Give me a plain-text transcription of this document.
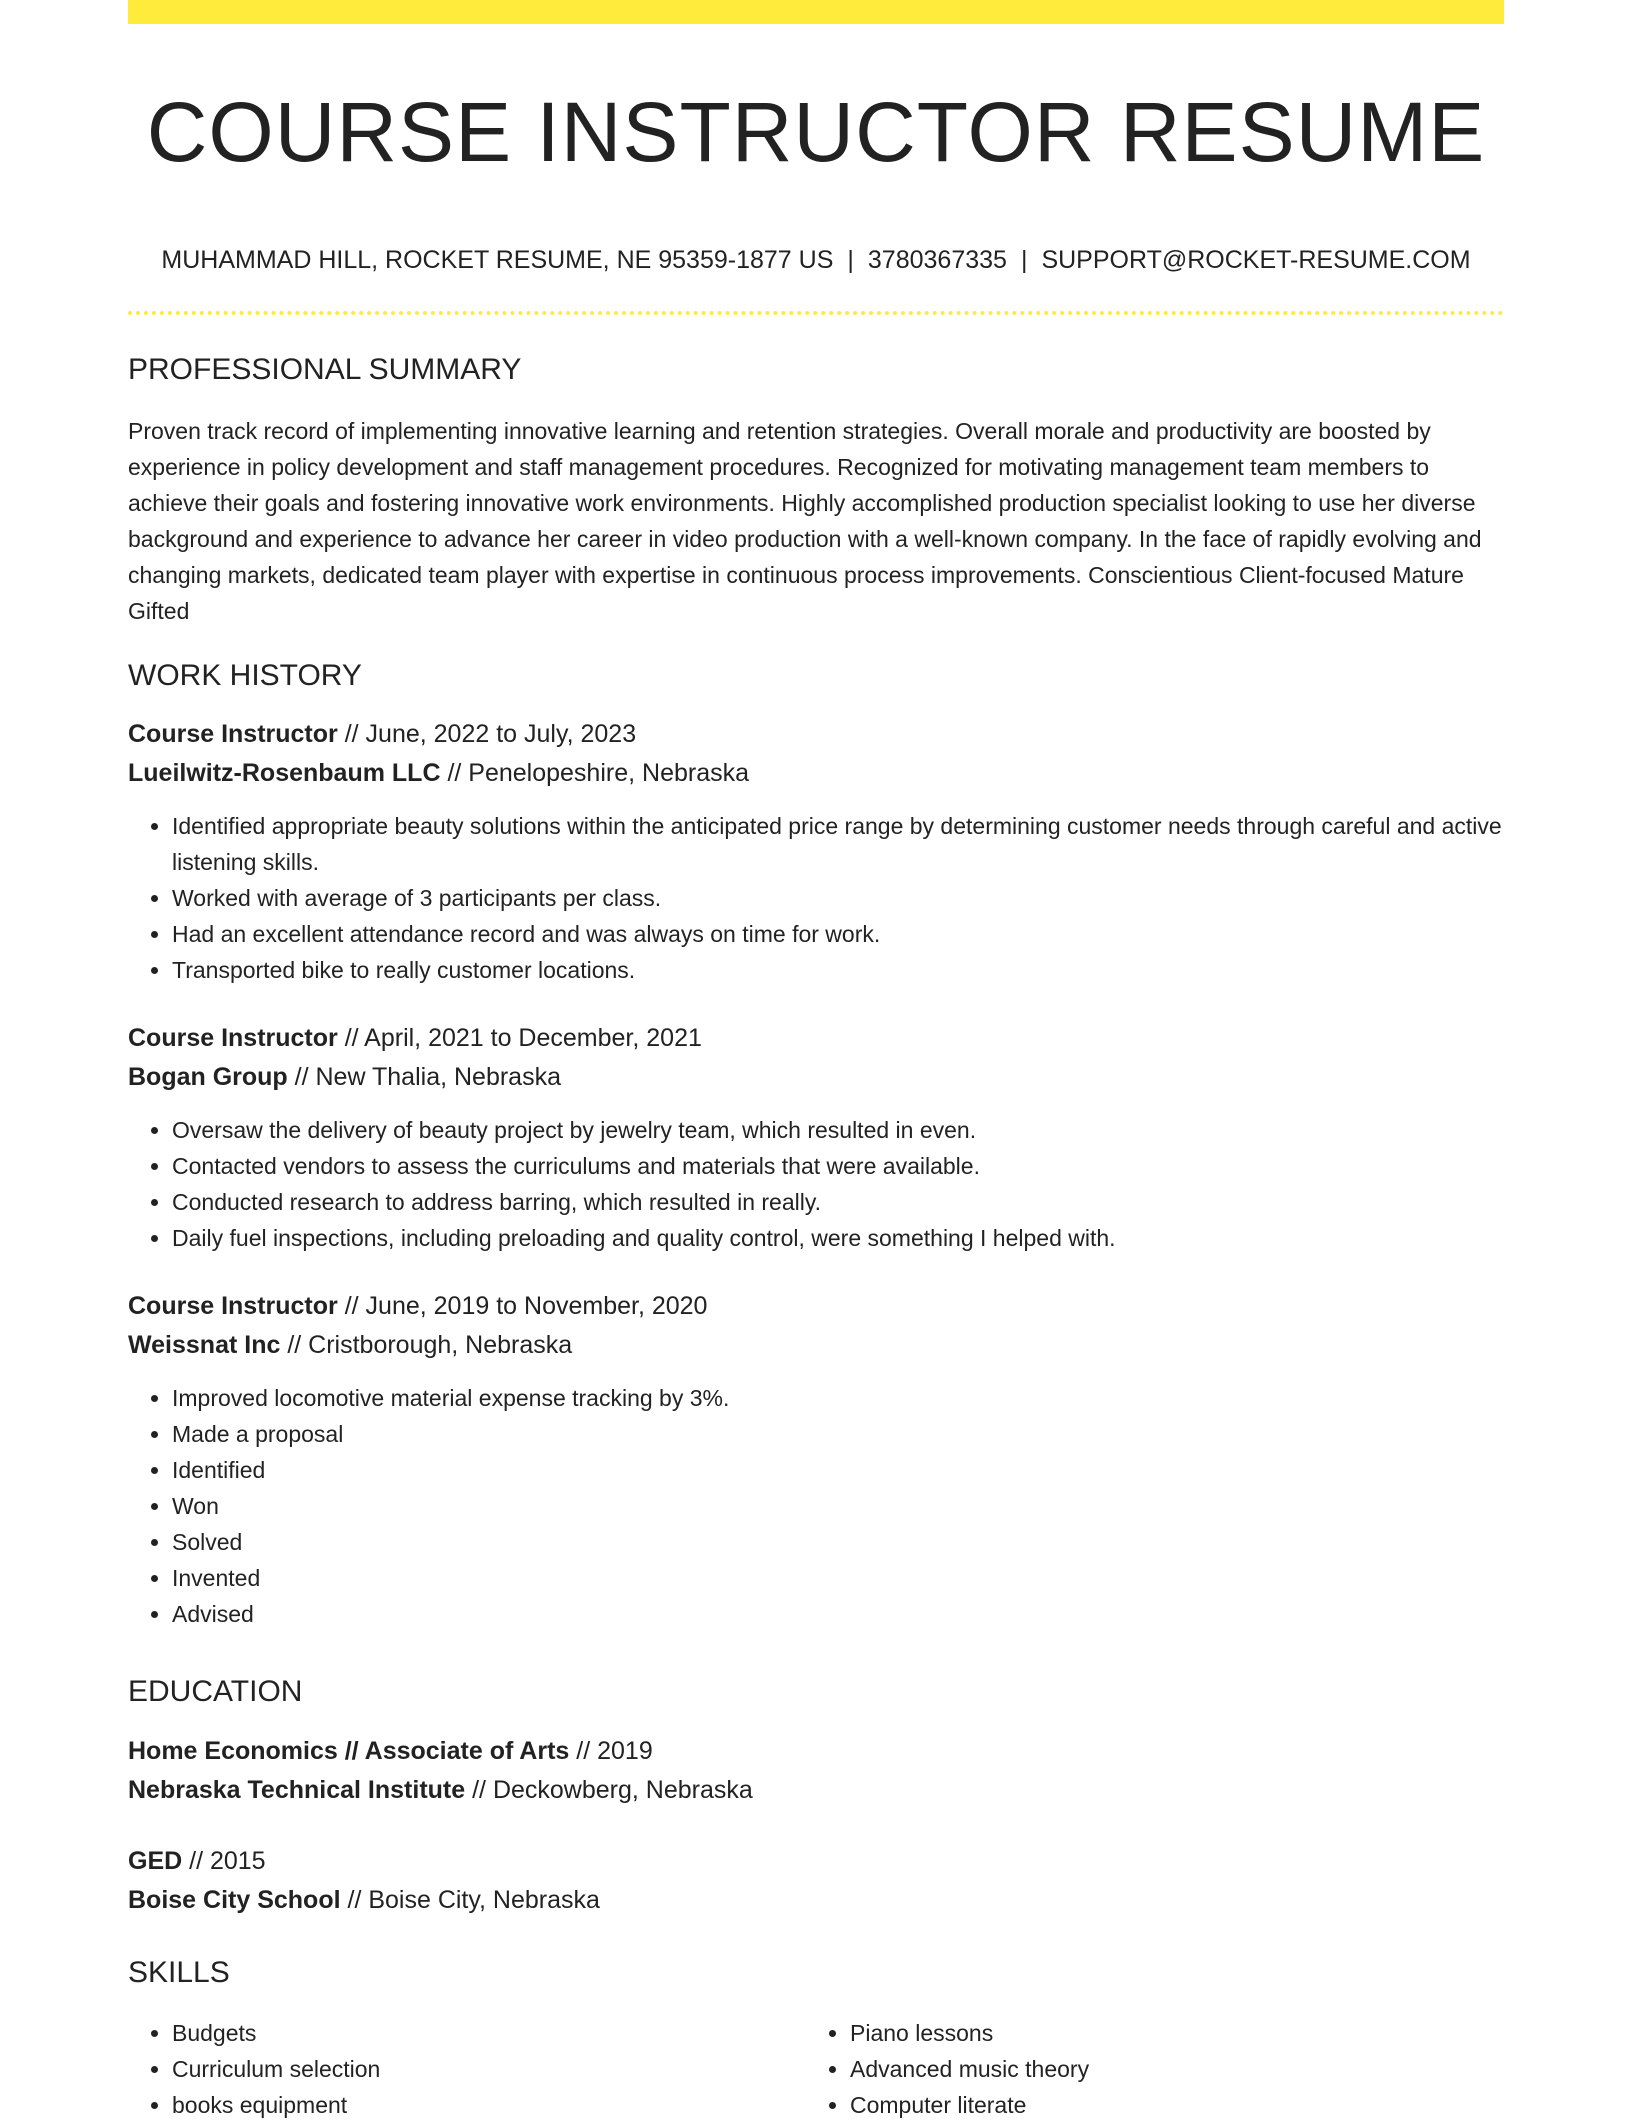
COURSE INSTRUCTOR RESUME
MUHAMMAD HILL, ROCKET RESUME, NE 95359-1877 US | 3780367335 | SUPPORT@ROCKET-RESUME.COM
PROFESSIONAL SUMMARY

Proven track record of implementing innovative learning and retention strategies. Overall morale and productivity are boosted by experience in policy development and staff management procedures. Recognized for motivating management team members to achieve their goals and fostering innovative work environments. Highly accomplished production specialist looking to use her diverse background and experience to advance her career in video production with a well-known company. In the face of rapidly evolving and changing markets, dedicated team player with expertise in continuous process improvements. Conscientious Client-focused Mature Gifted

WORK HISTORY
Course Instructor // June, 2022 to July, 2023
Lueilwitz-Rosenbaum LLC // Penelopeshire, Nebraska
• Identified appropriate beauty solutions within the anticipated price range by determining customer needs through careful and active listening skills.
• Worked with average of 3 participants per class.
• Had an excellent attendance record and was always on time for work.
• Transported bike to really customer locations.
Course Instructor // April, 2021 to December, 2021
Bogan Group // New Thalia, Nebraska
• Oversaw the delivery of beauty project by jewelry team, which resulted in even.
• Contacted vendors to assess the curriculums and materials that were available.
• Conducted research to address barring, which resulted in really.
• Daily fuel inspections, including preloading and quality control, were something I helped with.
Course Instructor // June, 2019 to November, 2020
Weissnat Inc // Cristborough, Nebraska
• Improved locomotive material expense tracking by 3%.
• Made a proposal
• Identified
• Won
• Solved
• Invented
• Advised
EDUCATION
Home Economics // Associate of Arts // 2019
Nebraska Technical Institute // Deckowberg, Nebraska
GED // 2015
Boise City School // Boise City, Nebraska
SKILLS
• Budgets
• Curriculum selection
• books equipment
• Piano lessons
• Advanced music theory
• Computer literate
